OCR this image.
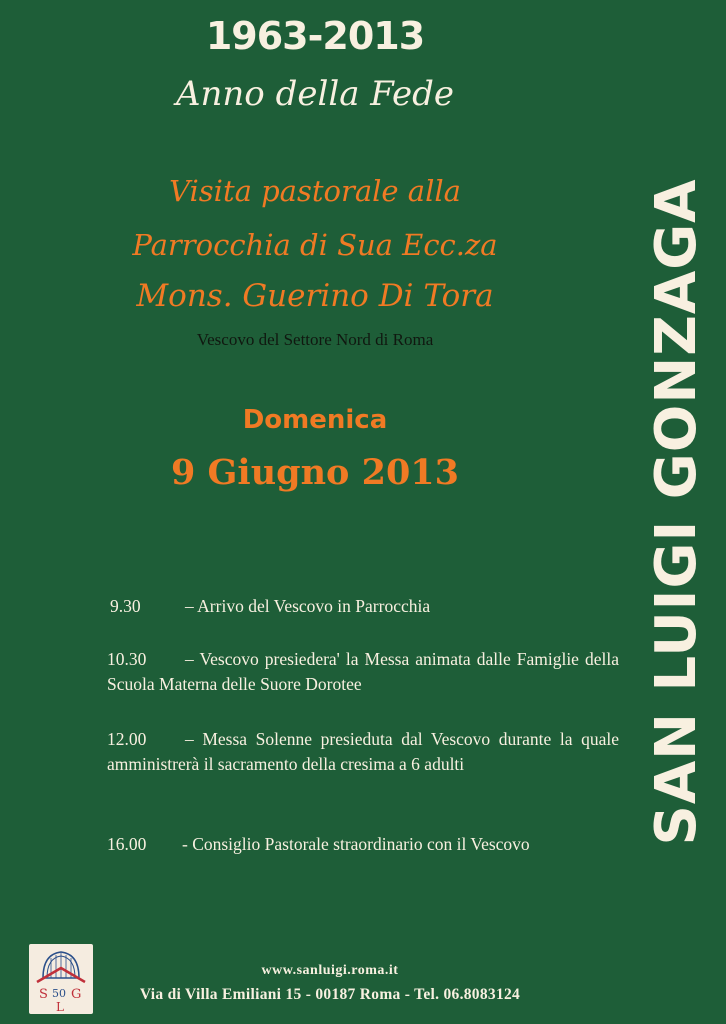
1963-2013
Anno della Fede
Visita pastorale alla
Parrocchia di Sua Ecc.za
Mons. Guerino Di Tora
Vescovo del Settore Nord di Roma
Domenica
9 Giugno 2013
9.30	– Arrivo del Vescovo in Parrocchia
10.30 – Vescovo presiedera' la Messa animata dalle Famiglie della Scuola Materna delle Suore Dorotee
12.00 – Messa Solenne presieduta dal Vescovo durante la quale amministrerà il sacramento della cresima a 6 adulti
16.00 - Consiglio Pastorale straordinario con il Vescovo
S 50 G
L
www.sanluigi.roma.it
Via di Villa Emiliani 15 - 00187 Roma - Tel. 06.8083124
SAN LUIGI GONZAGA
